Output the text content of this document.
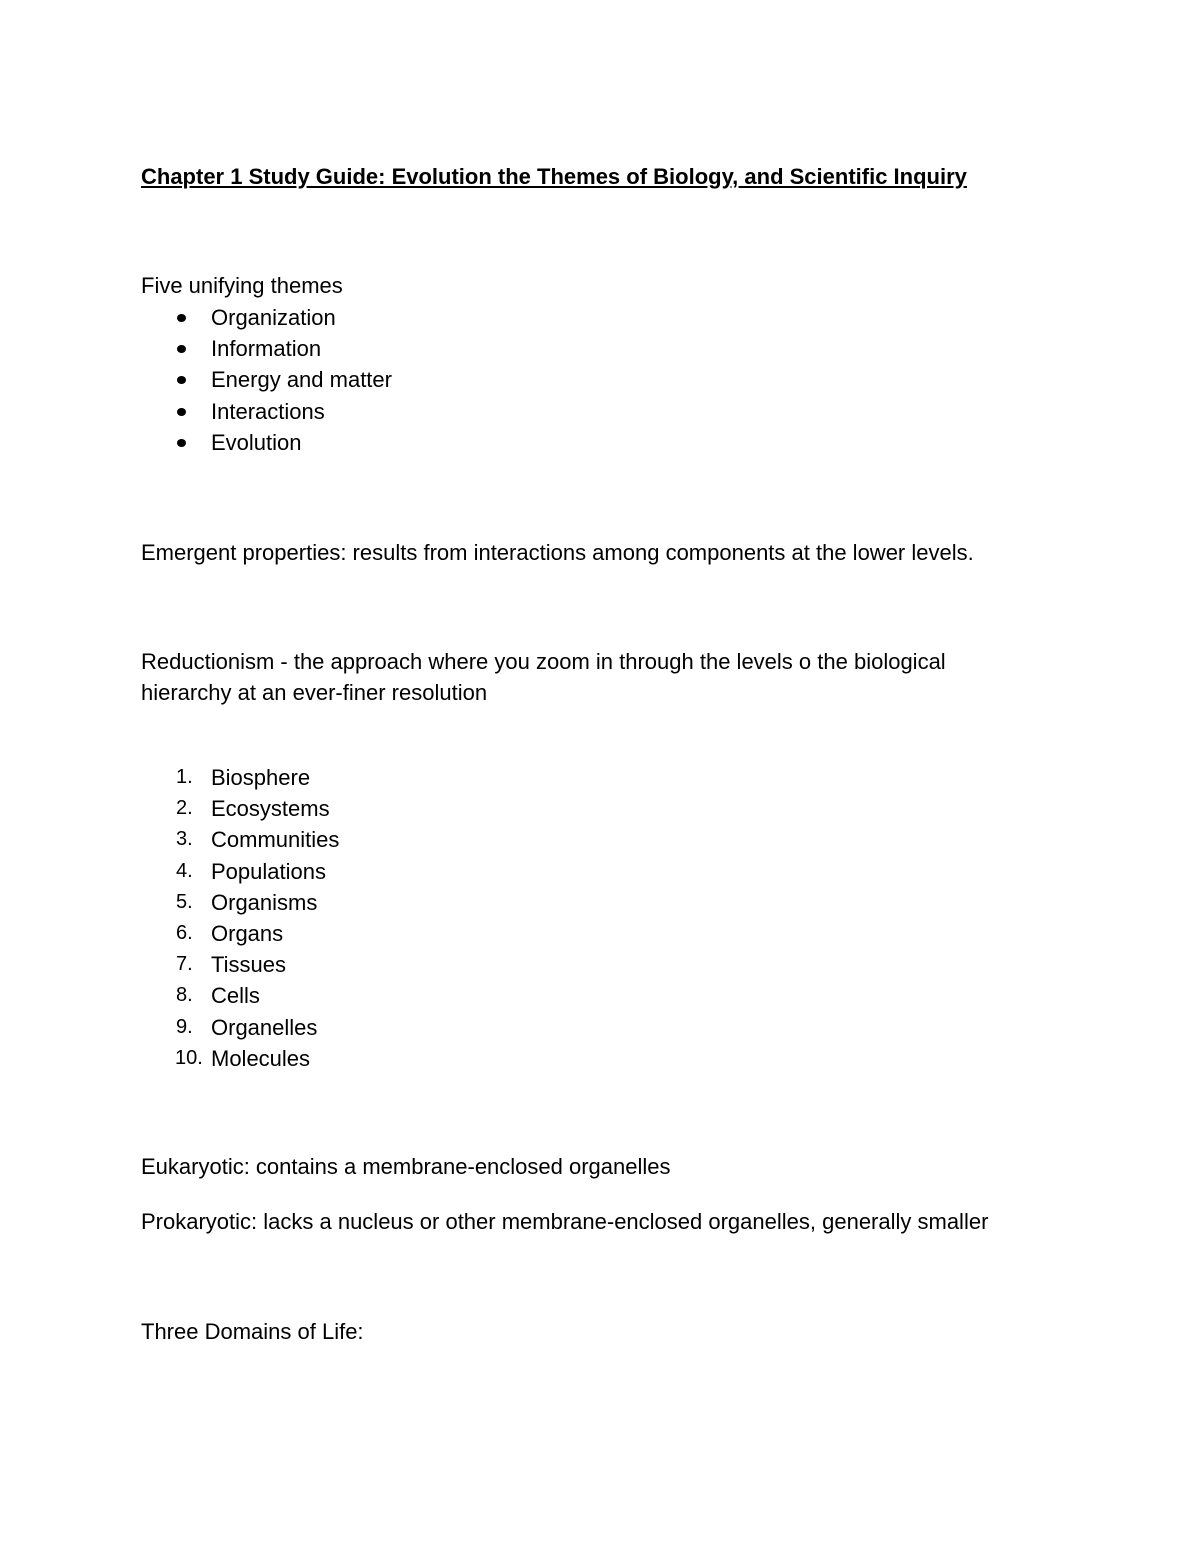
Chapter 1 Study Guide: Evolution the Themes of Biology, and Scientific Inquiry
Five unifying themes
Organization
Information
Energy and matter
Interactions
Evolution
Emergent properties: results from interactions among components at the lower levels.
Reductionism - the approach where you zoom in through the levels o the biological
hierarchy at an ever-finer resolution
1. Biosphere
2. Ecosystems
3. Communities
4. Populations
5. Organisms
6. Organs
7. Tissues
8. Cells
9. Organelles
10. Molecules
Eukaryotic: contains a membrane-enclosed organelles
Prokaryotic: lacks a nucleus or other membrane-enclosed organelles, generally smaller
Three Domains of Life:
